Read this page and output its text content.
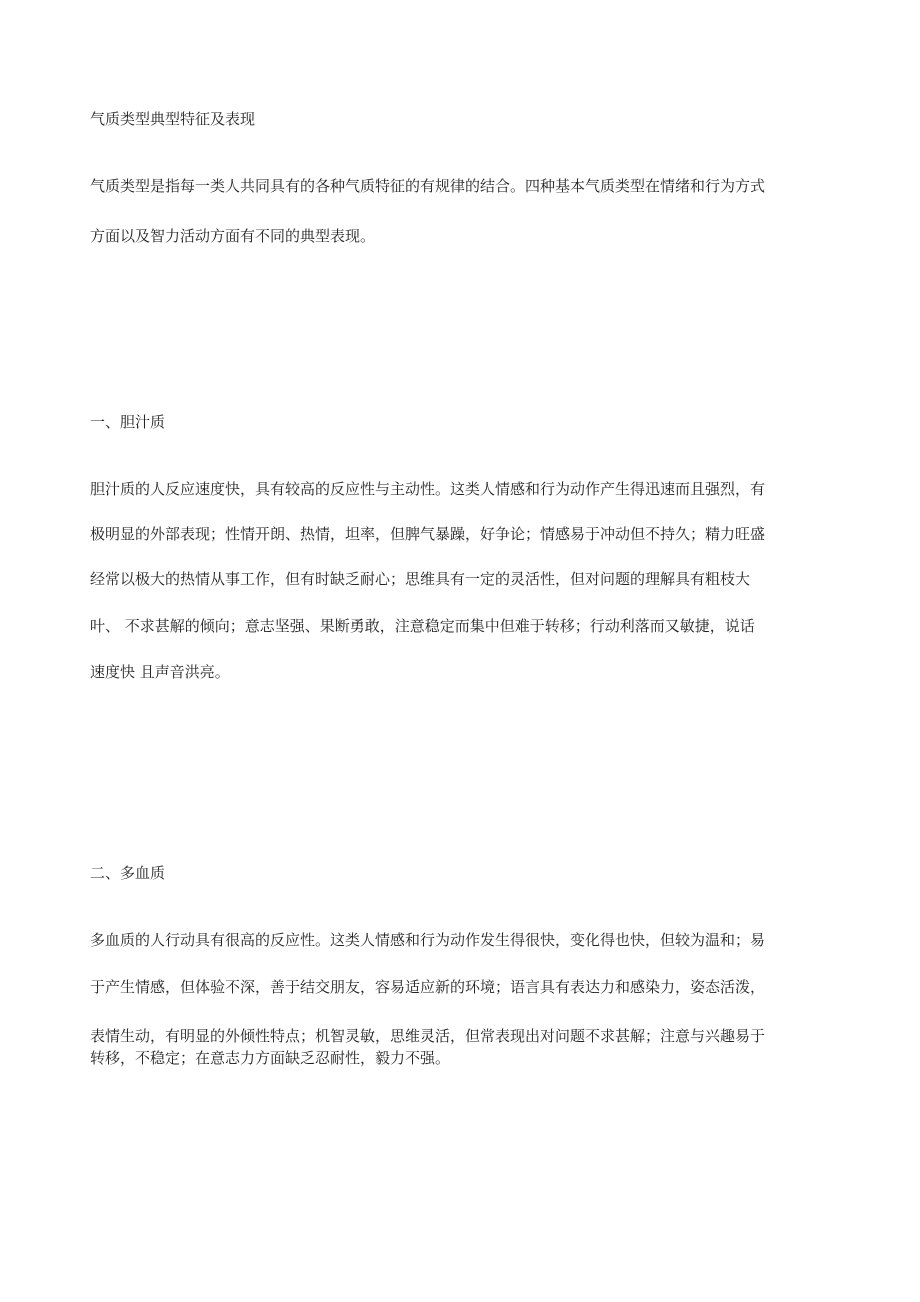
气质类型典型特征及表现

气质类型是指每一类人共同具有的各种气质特征的有规律的结合。四种基本气质类型在情绪和行为方式

方面以及智力活动方面有不同的典型表现。

一、胆汁质

胆汁质的人反应速度快，具有较高的反应性与主动性。这类人情感和行为动作产生得迅速而且强烈，有

极明显的外部表现；性情开朗、热情，坦率，但脾气暴躁，好争论；情感易于冲动但不持久；精力旺盛

经常以极大的热情从事工作，但有时缺乏耐心；思维具有一定的灵活性，但对问题的理解具有粗枝大

叶、 不求甚解的倾向；意志坚强、果断勇敢，注意稳定而集中但难于转移；行动利落而又敏捷，说话

速度快 且声音洪亮。

二、多血质

多血质的人行动具有很高的反应性。这类人情感和行为动作发生得很快，变化得也快，但较为温和；易

于产生情感，但体验不深，善于结交朋友，容易适应新的环境；语言具有表达力和感染力，姿态活泼，

表情生动，有明显的外倾性特点；机智灵敏，思维灵活，但常表现出对问题不求甚解；注意与兴趣易于

转移，不稳定；在意志力方面缺乏忍耐性，毅力不强。
